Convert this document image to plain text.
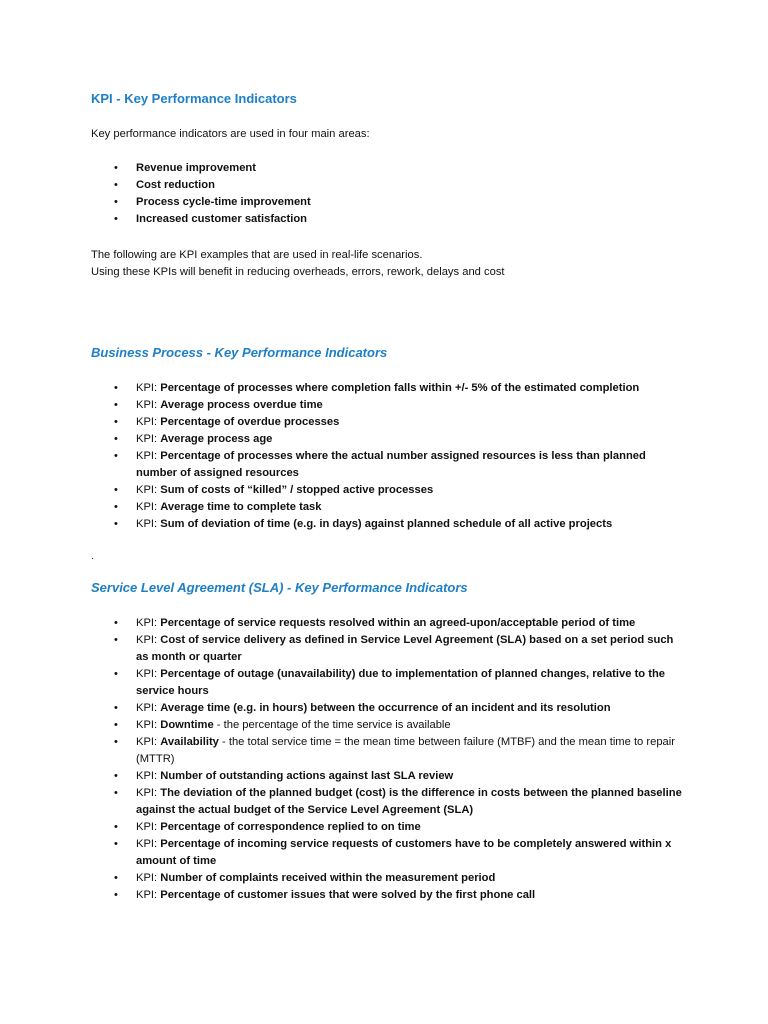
KPI - Key Performance Indicators

Key performance indicators are used in four main areas:

• Revenue improvement
• Cost reduction
• Process cycle-time improvement
• Increased customer satisfaction

The following are KPI examples that are used in real-life scenarios.
Using these KPIs will benefit in reducing overheads, errors, rework, delays and cost

Business Process - Key Performance Indicators
• KPI: Percentage of processes where completion falls within +/- 5% of the estimated completion
• KPI: Average process overdue time
• KPI: Percentage of overdue processes
• KPI: Average process age
• KPI: Percentage of processes where the actual number assigned resources is less than planned number of assigned resources
• KPI: Sum of costs of “killed” / stopped active processes
• KPI: Average time to complete task
• KPI: Sum of deviation of time (e.g. in days) against planned schedule of all active projects

.

Service Level Agreement (SLA) - Key Performance Indicators
• KPI: Percentage of service requests resolved within an agreed-upon/acceptable period of time
• KPI: Cost of service delivery as defined in Service Level Agreement (SLA) based on a set period such as month or quarter
• KPI: Percentage of outage (unavailability) due to implementation of planned changes, relative to the service hours
• KPI: Average time (e.g. in hours) between the occurrence of an incident and its resolution
• KPI: Downtime - the percentage of the time service is available
• KPI: Availability - the total service time = the mean time between failure (MTBF) and the mean time to repair (MTTR)
• KPI: Number of outstanding actions against last SLA review
• KPI: The deviation of the planned budget (cost) is the difference in costs between the planned baseline against the actual budget of the Service Level Agreement (SLA)
• KPI: Percentage of correspondence replied to on time
• KPI: Percentage of incoming service requests of customers have to be completely answered within x amount of time
• KPI: Number of complaints received within the measurement period
• KPI: Percentage of customer issues that were solved by the first phone call
